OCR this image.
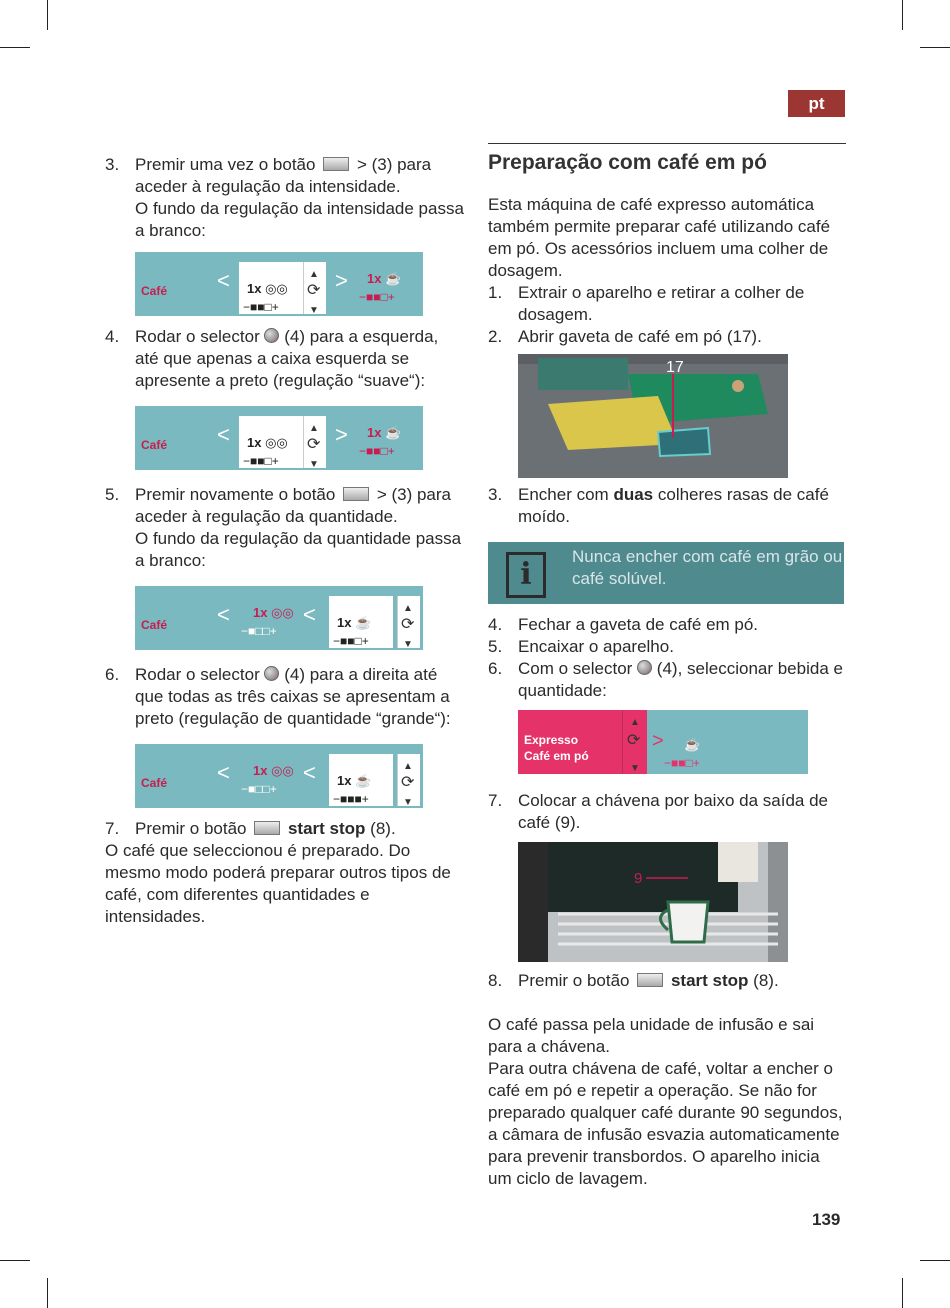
pt
3. Premir uma vez o botão > (3) para aceder à regulação da intensidade.
O fundo da regulação da intensidade passa a branco:
Café < 1x ◎◎
−■■□+
▲
⟳
▼
> 1x ☕
−■■□+
4. Rodar o selector (4) para a esquerda, até que apenas a caixa esquerda se apresente a preto (regulação “suave“):
Café < 1x ◎◎
−■■□+
▲
⟳
▼
> 1x ☕
−■■□+
5. Premir novamente o botão > (3) para aceder à regulação da quantidade.
O fundo da regulação da quantidade passa a branco:
Café < 1x ◎◎
−■□□+
< 1x ☕
−■■□+
▲
⟳
▼
6. Rodar o selector (4) para a direita até que todas as três caixas se apresentam a preto (regulação de quantidade “grande“):
Café < 1x ◎◎
−■□□+
< 1x ☕
−■■■+
▲
⟳
▼
7. Premir o botão start stop (8).

O café que seleccionou é preparado. Do mesmo modo poderá preparar outros tipos de café, com diferentes quantidades e intensidades.

Preparação com café em pó

Esta máquina de café expresso automática também permite preparar café utilizando café em pó. Os acessórios incluem uma colher de dosagem.

1. Extrair o aparelho e retirar a colher de dosagem.
2. Abrir gaveta de café em pó (17).
17
3. Encher com duas colheres rasas de café moído.
i
Nunca encher com café em grão ou café solúvel.
4. Fechar a gaveta de café em pó.
5. Encaixar o aparelho.
6. Com o selector (4), seleccionar bebida e quantidade:
Expresso
Café em pó
▲
⟳
▼
> ☕
−■■□+
7. Colocar a chávena por baixo da saída de café (9).
9
8. Premir o botão start stop (8).

O café passa pela unidade de infusão e sai para a chávena.

Para outra chávena de café, voltar a encher o café em pó e repetir a operação. Se não for preparado qualquer café durante 90 segundos, a câmara de infusão esvazia automaticamente para prevenir transbordos. O aparelho inicia um ciclo de lavagem.

139
